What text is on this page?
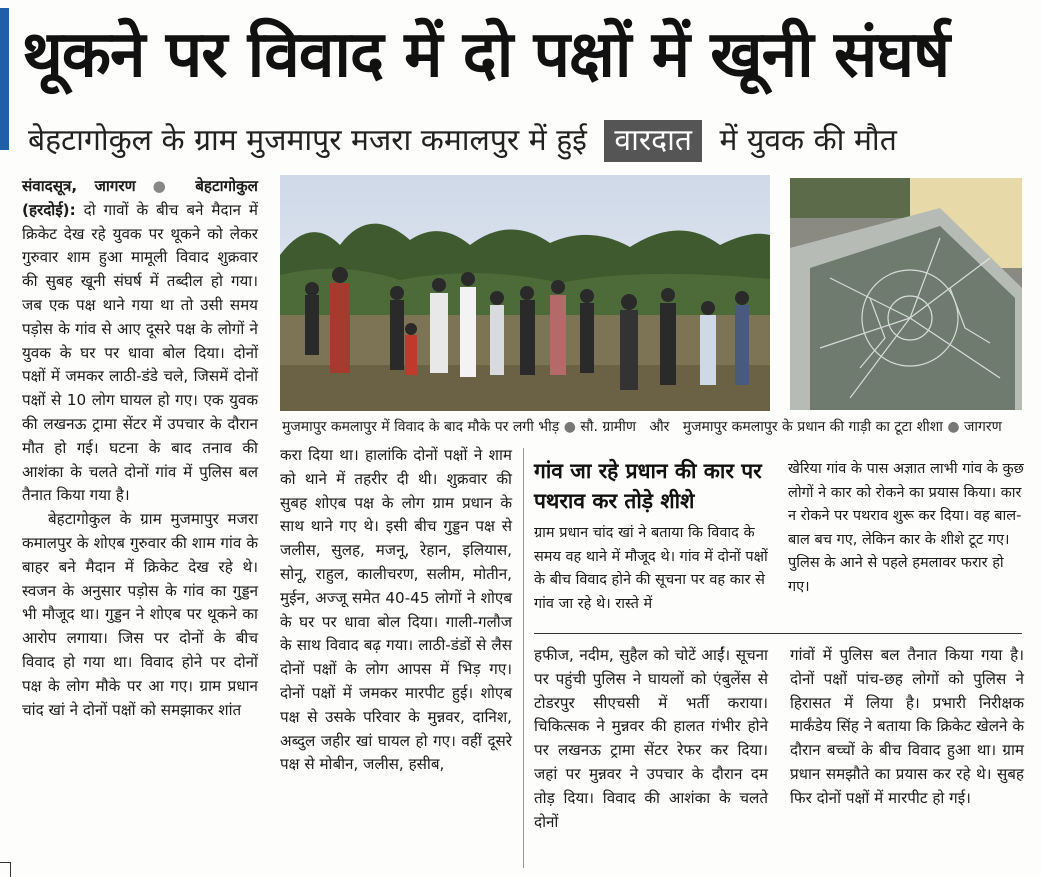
थूकने पर विवाद में दो पक्षों में खूनी संघर्ष
बेहटागोकुल के ग्राम मुजमापुर मजरा कमालपुर में हुई वारदात में युवक की मौत

संवादसूत्र, जागरण ● बेहटागोकुल (हरदोई): दो गावों के बीच बने मैदान में क्रिकेट देख रहे युवक पर थूकने को लेकर गुरुवार शाम हुआ मामूली विवाद शुक्रवार की सुबह खूनी संघर्ष में तब्दील हो गया। जब एक पक्ष थाने गया था तो उसी समय पड़ोस के गांव से आए दूसरे पक्ष के लोगों ने युवक के घर पर धावा बोल दिया। दोनों पक्षों में जमकर लाठी-डंडे चले, जिसमें दोनों पक्षों से 10 लोग घायल हो गए। एक युवक की लखनऊ ट्रामा सेंटर में उपचार के दौरान मौत हो गई। घटना के बाद तनाव की आशंका के चलते दोनों गांव में पुलिस बल तैनात किया गया है।

बेहटागोकुल के ग्राम मुजमापुर मजरा कमालपुर के शोएब गुरुवार की शाम गांव के बाहर बने मैदान में क्रिकेट देख रहे थे। स्वजन के अनुसार पड़ोस के गांव का गुड्डन भी मौजूद था। गुड्डन ने शोएब पर थूकने का आरोप लगाया। जिस पर दोनों के बीच विवाद हो गया था। विवाद होने पर दोनों पक्ष के लोग मौके पर आ गए। ग्राम प्रधान चांद खां ने दोनों पक्षों को समझाकर शांत

मुजमापुर कमलापुर में विवाद के बाद मौके पर लगी भीड़ ● सौ. ग्रामीण और मुजमापुर कमलापुर के प्रधान की गाड़ी का टूटा शीशा ● जागरण
करा दिया था। हालांकि दोनों पक्षों ने शाम को थाने में तहरीर दी थी। शुक्रवार की सुबह शोएब पक्ष के लोग ग्राम प्रधान के साथ थाने गए थे। इसी बीच गुड्डन पक्ष से जलीस, सुलह, मजनू, रेहान, इलियास, सोनू, राहुल, कालीचरण, सलीम, मोतीन, मुईन, अज्जू समेत 40-45 लोगों ने शोएब के घर पर धावा बोल दिया। गाली-गलौज के साथ विवाद बढ़ गया। लाठी-डंडों से लैस दोनों पक्षों के लोग आपस में भिड़ गए। दोनों पक्षों में जमकर मारपीट हुई। शोएब पक्ष से उसके परिवार के मुन्नवर, दानिश, अब्दुल जहीर खां घायल हो गए। वहीं दूसरे पक्ष से मोबीन, जलीस, हसीब,
गांव जा रहे प्रधान की कार पर पथराव कर तोड़े शीशे
ग्राम प्रधान चांद खां ने बताया कि विवाद के समय वह थाने में मौजूद थे। गांव में दोनों पक्षों के बीच विवाद होने की सूचना पर वह कार से गांव जा रहे थे। रास्ते में
खेरिया गांव के पास अज्ञात लाभी गांव के कुछ लोगों ने कार को रोकने का प्रयास किया। कार न रोकने पर पथराव शुरू कर दिया। वह बाल-बाल बच गए, लेकिन कार के शीशे टूट गए। पुलिस के आने से पहले हमलावर फरार हो गए।
हफीज, नदीम, सुहैल को चोटें आईं। सूचना पर पहुंची पुलिस ने घायलों को एंबुलेंस से टोडरपुर सीएचसी में भर्ती कराया। चिकित्सक ने मुन्नवर की हालत गंभीर होने पर लखनऊ ट्रामा सेंटर रेफर कर दिया। जहां पर मुन्नवर ने उपचार के दौरान दम तोड़ दिया। विवाद की आशंका के चलते दोनों
गांवों में पुलिस बल तैनात किया गया है। दोनों पक्षों पांच-छह लोगों को पुलिस ने हिरासत में लिया है। प्रभारी निरीक्षक मार्कंडेय सिंह ने बताया कि क्रिकेट खेलने के दौरान बच्चों के बीच विवाद हुआ था। ग्राम प्रधान समझौते का प्रयास कर रहे थे। सुबह फिर दोनों पक्षों में मारपीट हो गई।
